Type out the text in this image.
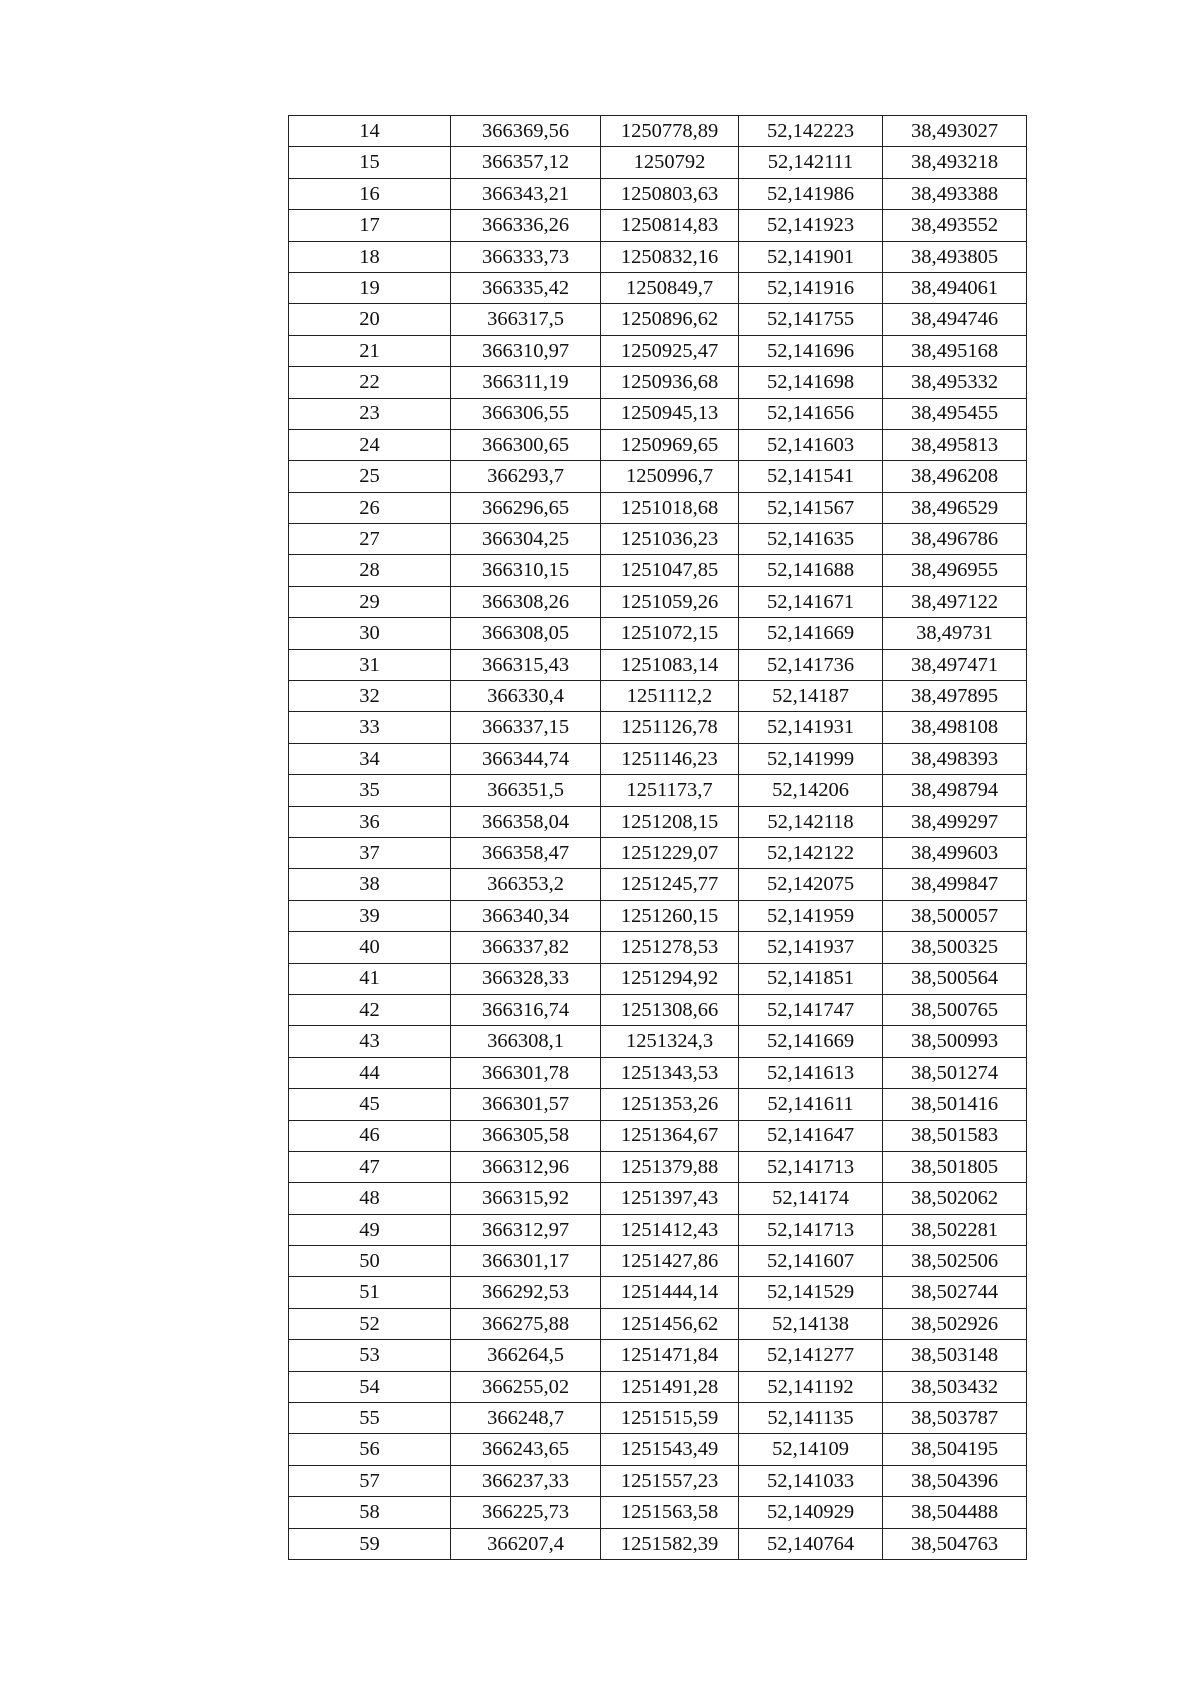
14	366369,56	1250778,89	52,142223	38,493027
15	366357,12	1250792	52,142111	38,493218
16	366343,21	1250803,63	52,141986	38,493388
17	366336,26	1250814,83	52,141923	38,493552
18	366333,73	1250832,16	52,141901	38,493805
19	366335,42	1250849,7	52,141916	38,494061
20	366317,5	1250896,62	52,141755	38,494746
21	366310,97	1250925,47	52,141696	38,495168
22	366311,19	1250936,68	52,141698	38,495332
23	366306,55	1250945,13	52,141656	38,495455
24	366300,65	1250969,65	52,141603	38,495813
25	366293,7	1250996,7	52,141541	38,496208
26	366296,65	1251018,68	52,141567	38,496529
27	366304,25	1251036,23	52,141635	38,496786
28	366310,15	1251047,85	52,141688	38,496955
29	366308,26	1251059,26	52,141671	38,497122
30	366308,05	1251072,15	52,141669	38,49731
31	366315,43	1251083,14	52,141736	38,497471
32	366330,4	1251112,2	52,14187	38,497895
33	366337,15	1251126,78	52,141931	38,498108
34	366344,74	1251146,23	52,141999	38,498393
35	366351,5	1251173,7	52,14206	38,498794
36	366358,04	1251208,15	52,142118	38,499297
37	366358,47	1251229,07	52,142122	38,499603
38	366353,2	1251245,77	52,142075	38,499847
39	366340,34	1251260,15	52,141959	38,500057
40	366337,82	1251278,53	52,141937	38,500325
41	366328,33	1251294,92	52,141851	38,500564
42	366316,74	1251308,66	52,141747	38,500765
43	366308,1	1251324,3	52,141669	38,500993
44	366301,78	1251343,53	52,141613	38,501274
45	366301,57	1251353,26	52,141611	38,501416
46	366305,58	1251364,67	52,141647	38,501583
47	366312,96	1251379,88	52,141713	38,501805
48	366315,92	1251397,43	52,14174	38,502062
49	366312,97	1251412,43	52,141713	38,502281
50	366301,17	1251427,86	52,141607	38,502506
51	366292,53	1251444,14	52,141529	38,502744
52	366275,88	1251456,62	52,14138	38,502926
53	366264,5	1251471,84	52,141277	38,503148
54	366255,02	1251491,28	52,141192	38,503432
55	366248,7	1251515,59	52,141135	38,503787
56	366243,65	1251543,49	52,14109	38,504195
57	366237,33	1251557,23	52,141033	38,504396
58	366225,73	1251563,58	52,140929	38,504488
59	366207,4	1251582,39	52,140764	38,504763
